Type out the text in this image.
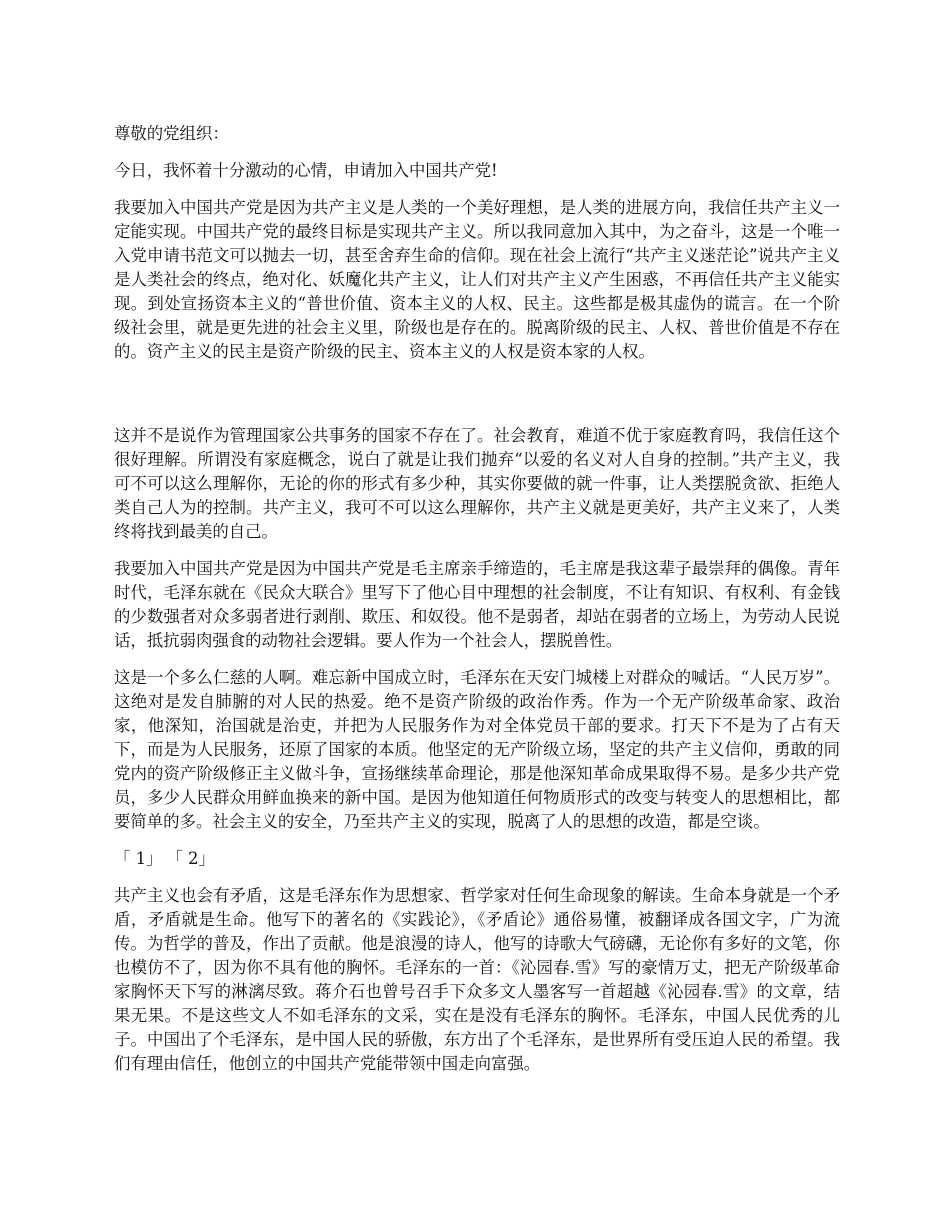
尊敬的党组织：

今日，我怀着十分激动的心情，申请加入中国共产党!

我要加入中国共产党是因为共产主义是人类的一个美好理想，是人类的进展方向，我信任共产主义一定能实现。中国共产党的最终目标是实现共产主义。所以我同意加入其中，为之奋斗，这是一个唯一入党申请书范文可以抛去一切，甚至舍弃生命的信仰。现在社会上流行“共产主义迷茫论”说共产主义是人类社会的终点，绝对化、妖魔化共产主义，让人们对共产主义产生困惑，不再信任共产主义能实现。到处宣扬资本主义的“普世价值、资本主义的人权、民主。这些都是极其虚伪的谎言。在一个阶级社会里，就是更先进的社会主义里，阶级也是存在的。脱离阶级的民主、人权、普世价值是不存在的。资产主义的民主是资产阶级的民主、资本主义的人权是资本家的人权。

这并不是说作为管理国家公共事务的国家不存在了。社会教育，难道不优于家庭教育吗，我信任这个很好理解。所谓没有家庭概念，说白了就是让我们抛弃“以爱的名义对人自身的控制。”共产主义，我可不可以这么理解你，无论的你的形式有多少种，其实你要做的就一件事，让人类摆脱贪欲、拒绝人类自己人为的控制。共产主义，我可不可以这么理解你，共产主义就是更美好，共产主义来了，人类终将找到最美的自己。

我要加入中国共产党是因为中国共产党是毛主席亲手缔造的，毛主席是我这辈子最崇拜的偶像。青年时代，毛泽东就在《民众大联合》里写下了他心目中理想的社会制度，不让有知识、有权利、有金钱的少数强者对众多弱者进行剥削、欺压、和奴役。他不是弱者，却站在弱者的立场上，为劳动人民说话，抵抗弱肉强食的动物社会逻辑。要人作为一个社会人，摆脱兽性。

这是一个多么仁慈的人啊。难忘新中国成立时，毛泽东在天安门城楼上对群众的喊话。“人民万岁”。这绝对是发自肺腑的对人民的热爱。绝不是资产阶级的政治作秀。作为一个无产阶级革命家、政治家，他深知，治国就是治吏，并把为人民服务作为对全体党员干部的要求。打天下不是为了占有天下，而是为人民服务，还原了国家的本质。他坚定的无产阶级立场，坚定的共产主义信仰，勇敢的同党内的资产阶级修正主义做斗争，宣扬继续革命理论，那是他深知革命成果取得不易。是多少共产党员，多少人民群众用鲜血换来的新中国。是因为他知道任何物质形式的改变与转变人的思想相比，都要简单的多。社会主义的安全，乃至共产主义的实现，脱离了人的思想的改造，都是空谈。

「 1」 「 2」

共产主义也会有矛盾，这是毛泽东作为思想家、哲学家对任何生命现象的解读。生命本身就是一个矛盾，矛盾就是生命。他写下的著名的《实践论》，《矛盾论》通俗易懂，被翻译成各国文字，广为流传。为哲学的普及，作出了贡献。他是浪漫的诗人，他写的诗歌大气磅礴，无论你有多好的文笔，你也模仿不了，因为你不具有他的胸怀。毛泽东的一首：《沁园春.雪》写的豪情万丈，把无产阶级革命家胸怀天下写的淋漓尽致。蒋介石也曾号召手下众多文人墨客写一首超越《沁园春.雪》的文章，结果无果。不是这些文人不如毛泽东的文采，实在是没有毛泽东的胸怀。毛泽东，中国人民优秀的儿子。中国出了个毛泽东，是中国人民的骄傲，东方出了个毛泽东，是世界所有受压迫人民的希望。我们有理由信任，他创立的中国共产党能带领中国走向富强。
